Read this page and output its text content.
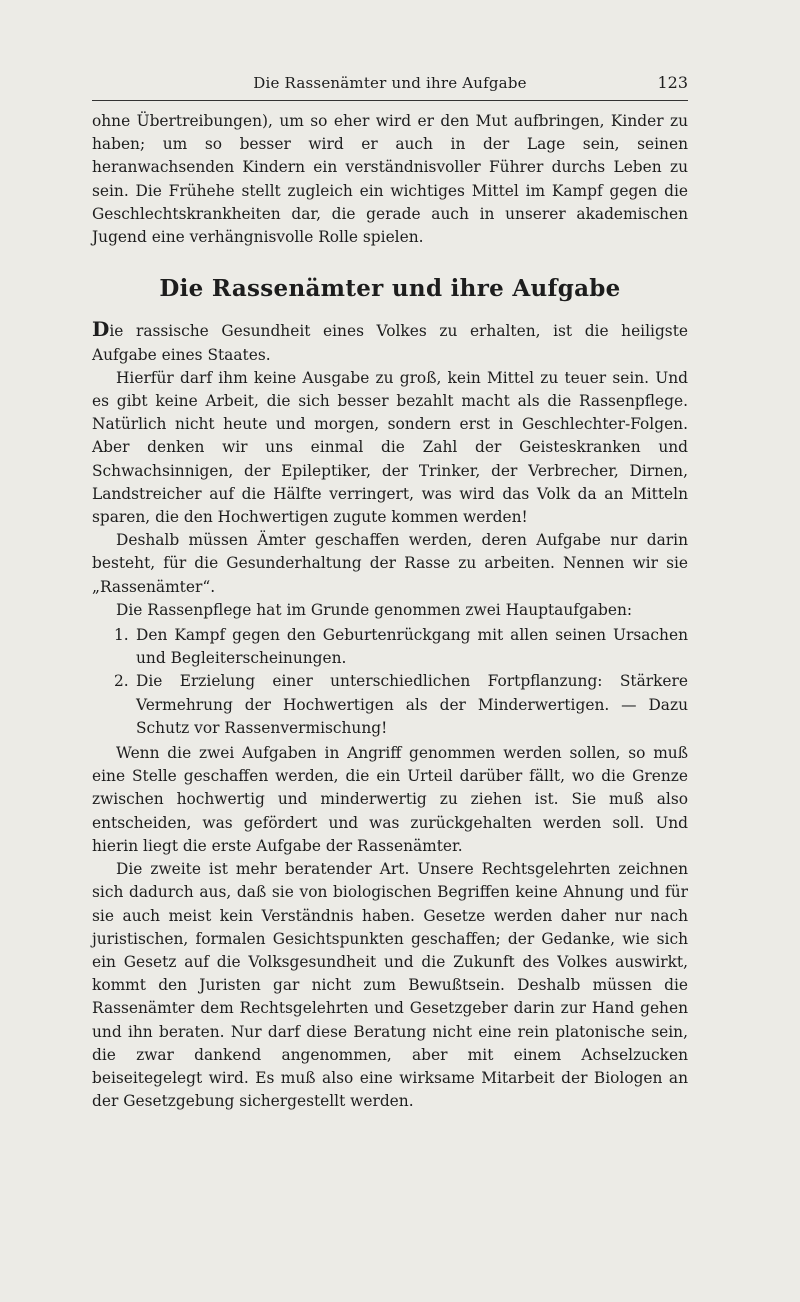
Die Rassenämter und ihre Aufgabe	123

ohne Übertreibungen), um so eher wird er den Mut aufbringen, Kinder zu haben; um so besser wird er auch in der Lage sein, seinen heranwachsenden Kindern ein verständnisvoller Führer durchs Leben zu sein. Die Frühehe stellt zugleich ein wichtiges Mittel im Kampf gegen die Geschlechtskrankheiten dar, die gerade auch in unserer akademischen Jugend eine verhängnisvolle Rolle spielen.

Die Rassenämter und ihre Aufgabe

Die rassische Gesundheit eines Volkes zu erhalten, ist die heiligste Aufgabe eines Staates.

Hierfür darf ihm keine Ausgabe zu groß, kein Mittel zu teuer sein. Und es gibt keine Arbeit, die sich besser bezahlt macht als die Rassenpflege. Natürlich nicht heute und morgen, sondern erst in Geschlechter-Folgen. Aber denken wir uns einmal die Zahl der Geisteskranken und Schwachsinnigen, der Epileptiker, der Trinker, der Verbrecher, Dirnen, Landstreicher auf die Hälfte verringert, was wird das Volk da an Mitteln sparen, die den Hochwertigen zugute kommen werden!

Deshalb müssen Ämter geschaffen werden, deren Aufgabe nur darin besteht, für die Gesunderhaltung der Rasse zu arbeiten. Nennen wir sie „Rassenämter“.

Die Rassenpflege hat im Grunde genommen zwei Hauptaufgaben:

1. Den Kampf gegen den Geburtenrückgang mit allen seinen Ursachen und Begleiterscheinungen.
2. Die Erzielung einer unterschiedlichen Fortpflanzung: Stärkere Vermehrung der Hochwertigen als der Minderwertigen. — Dazu Schutz vor Rassenvermischung!

Wenn die zwei Aufgaben in Angriff genommen werden sollen, so muß eine Stelle geschaffen werden, die ein Urteil darüber fällt, wo die Grenze zwischen hochwertig und minderwertig zu ziehen ist. Sie muß also entscheiden, was gefördert und was zurückgehalten werden soll. Und hierin liegt die erste Aufgabe der Rassenämter.

Die zweite ist mehr beratender Art. Unsere Rechtsgelehrten zeichnen sich dadurch aus, daß sie von biologischen Begriffen keine Ahnung und für sie auch meist kein Verständnis haben. Gesetze werden daher nur nach juristischen, formalen Gesichtspunkten geschaffen; der Gedanke, wie sich ein Gesetz auf die Volksgesundheit und die Zukunft des Volkes auswirkt, kommt den Juristen gar nicht zum Bewußtsein. Deshalb müssen die Rassenämter dem Rechtsgelehrten und Gesetzgeber darin zur Hand gehen und ihn beraten. Nur darf diese Beratung nicht eine rein platonische sein, die zwar dankend angenommen, aber mit einem Achselzucken beiseitegelegt wird. Es muß also eine wirksame Mitarbeit der Biologen an der Gesetzgebung sichergestellt werden.
